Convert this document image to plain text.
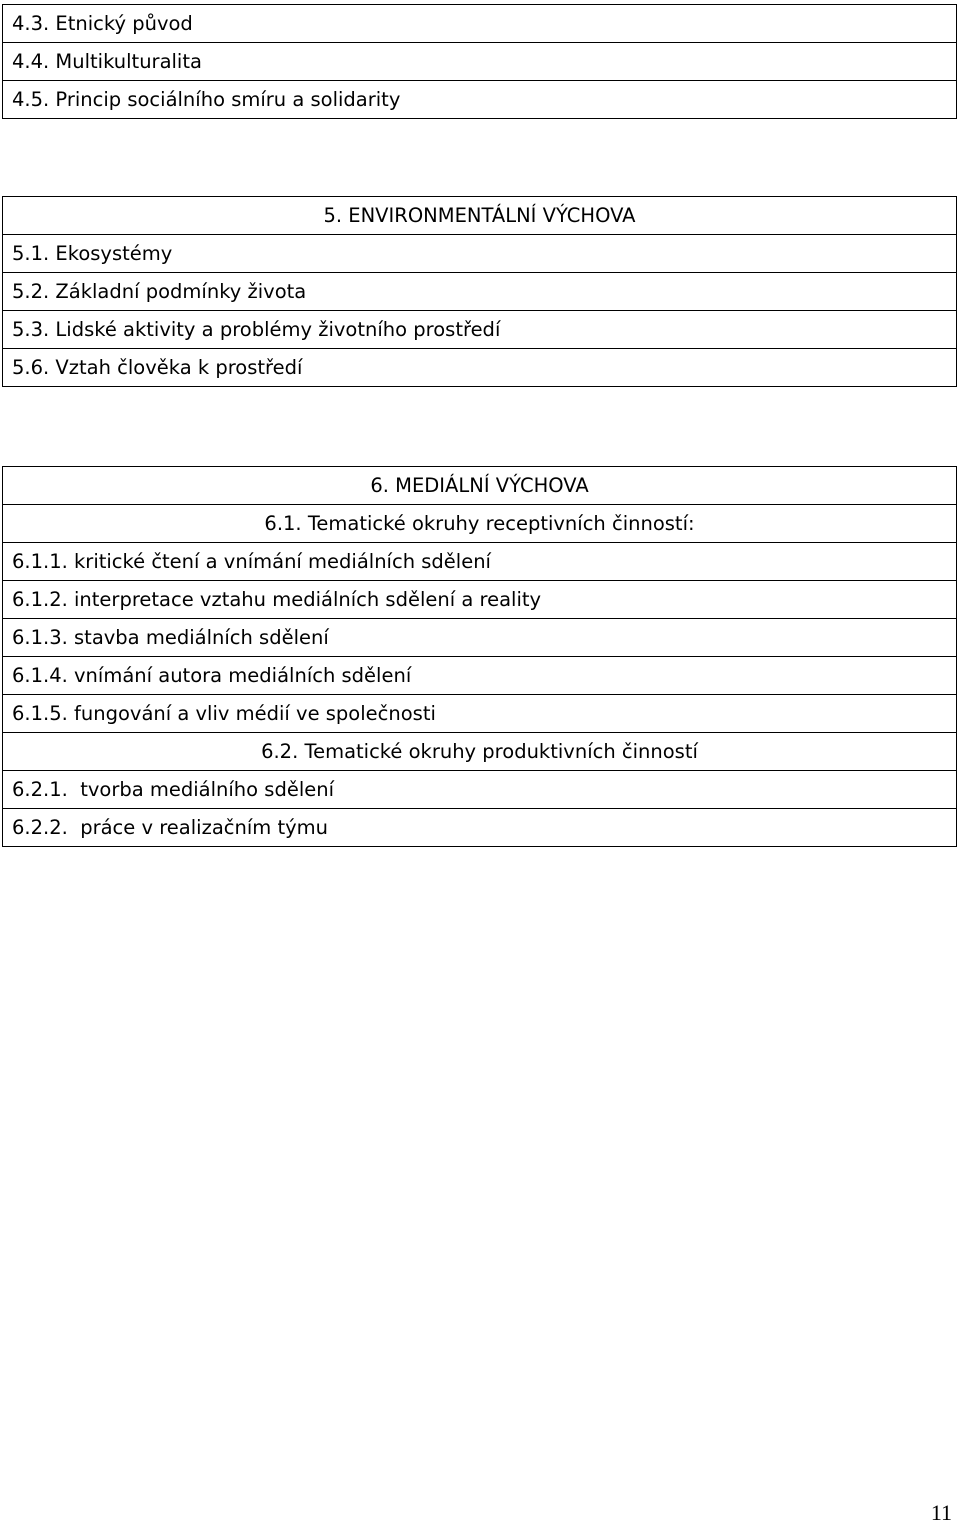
4.3. Etnický původ
4.4. Multikulturalita
4.5. Princip sociálního smíru a solidarity
5. ENVIRONMENTÁLNÍ VÝCHOVA
5.1. Ekosystémy
5.2. Základní podmínky života
5.3. Lidské aktivity a problémy životního prostředí
5.6. Vztah člověka k prostředí
6. MEDIÁLNÍ VÝCHOVA
6.1. Tematické okruhy receptivních činností:
6.1.1. kritické čtení a vnímání mediálních sdělení
6.1.2. interpretace vztahu mediálních sdělení a reality
6.1.3. stavba mediálních sdělení
6.1.4. vnímání autora mediálních sdělení
6.1.5. fungování a vliv médií ve společnosti
6.2. Tematické okruhy produktivních činností
6.2.1.  tvorba mediálního sdělení
6.2.2.  práce v realizačním týmu
11
